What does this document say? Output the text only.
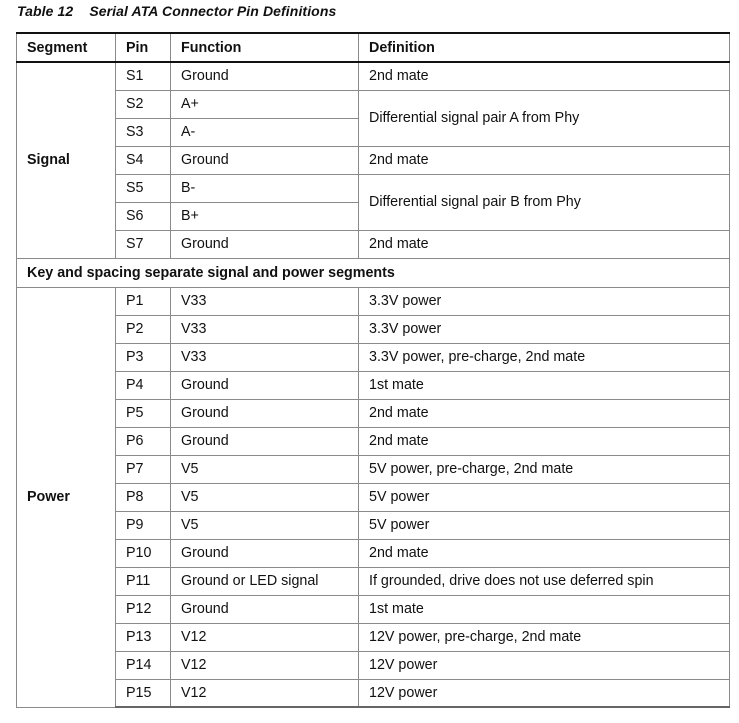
Table 12 Serial ATA Connector Pin Definitions
Segment	Pin	Function	Definition
Signal	S1	Ground	2nd mate
	S2	A+	Differential signal pair A from Phy
	S3	A-	
	S4	Ground	2nd mate
	S5	B-	Differential signal pair B from Phy
	S6	B+	
	S7	Ground	2nd mate
Key and spacing separate signal and power segments			
Power	P1	V33	3.3V power
	P2	V33	3.3V power
	P3	V33	3.3V power, pre-charge, 2nd mate
	P4	Ground	1st mate
	P5	Ground	2nd mate
	P6	Ground	2nd mate
	P7	V5	5V power, pre-charge, 2nd mate
	P8	V5	5V power
	P9	V5	5V power
	P10	Ground	2nd mate
	P11	Ground or LED signal	If grounded, drive does not use deferred spin
	P12	Ground	1st mate
	P13	V12	12V power, pre-charge, 2nd mate
	P14	V12	12V power
	P15	V12	12V power
